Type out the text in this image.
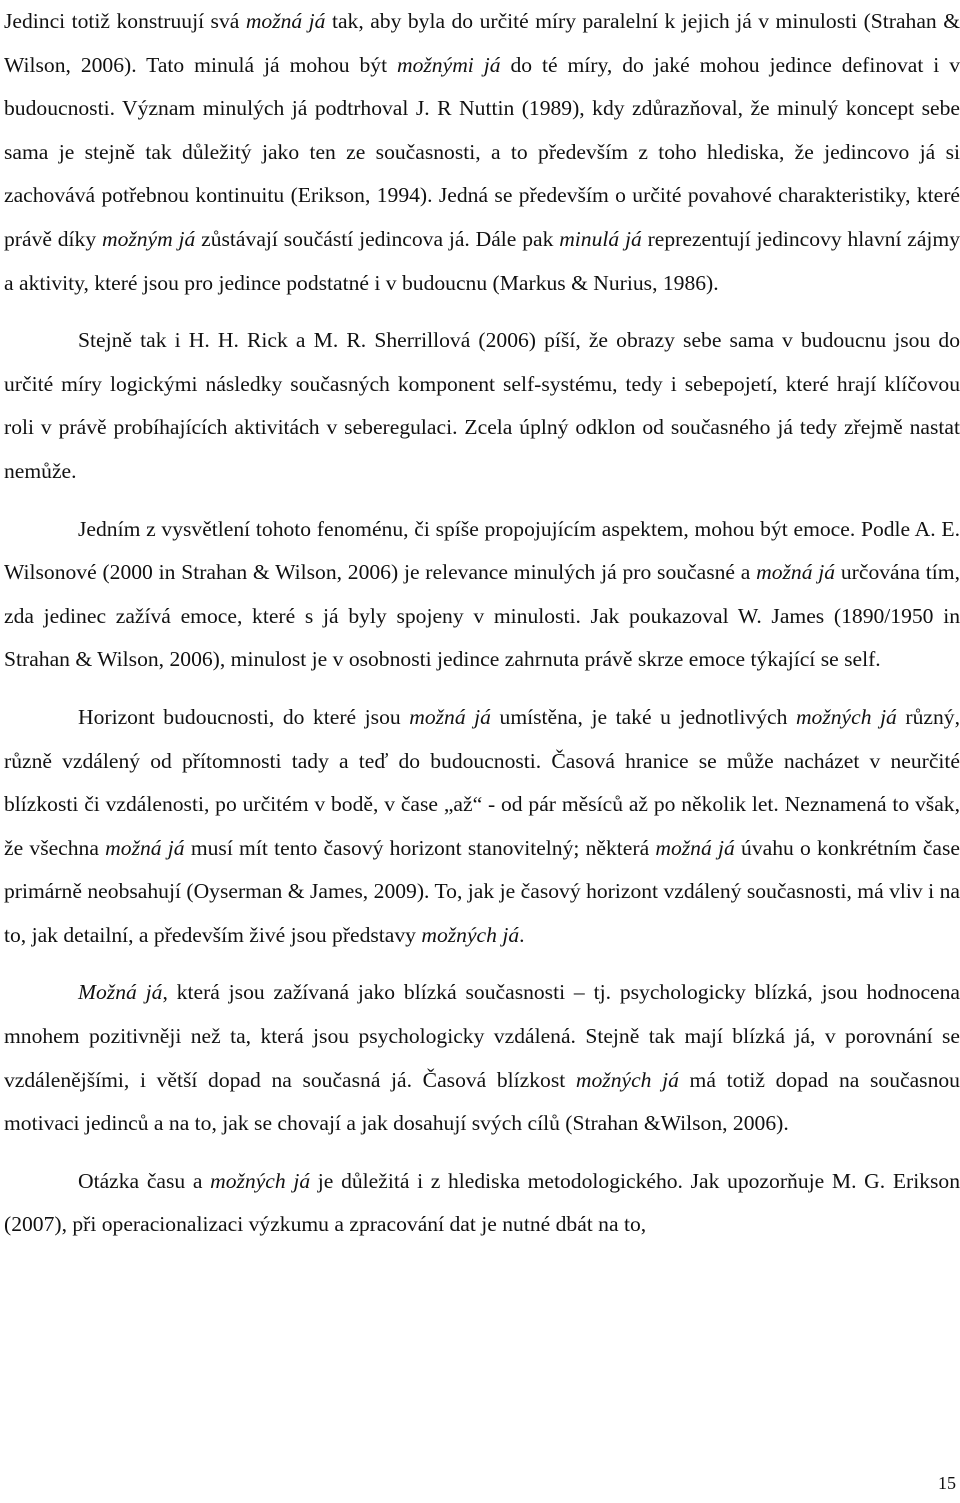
Jedinci totiž konstruují svá možná já tak, aby byla do určité míry paralelní k jejich já v minulosti (Strahan & Wilson, 2006). Tato minulá já mohou být možnými já do té míry, do jaké mohou jedince definovat i v budoucnosti. Význam minulých já podtrhoval J. R Nuttin (1989), kdy zdůrazňoval, že minulý koncept sebe sama je stejně tak důležitý jako ten ze současnosti, a to především z toho hlediska, že jedincovo já si zachovává potřebnou kontinuitu (Erikson, 1994). Jedná se především o určité povahové charakteristiky, které právě díky možným já zůstávají součástí jedincova já. Dále pak minulá já reprezentují jedincovy hlavní zájmy a aktivity, které jsou pro jedince podstatné i v budoucnu (Markus & Nurius, 1986).

Stejně tak i H. H. Rick a M. R. Sherrillová (2006) píší, že obrazy sebe sama v budoucnu jsou do určité míry logickými následky současných komponent self-systému, tedy i sebepojetí, které hrají klíčovou roli v právě probíhajících aktivitách v seberegulaci. Zcela úplný odklon od současného já tedy zřejmě nastat nemůže.

Jedním z vysvětlení tohoto fenoménu, či spíše propojujícím aspektem, mohou být emoce. Podle A. E. Wilsonové (2000 in Strahan & Wilson, 2006) je relevance minulých já pro současné a možná já určována tím, zda jedinec zažívá emoce, které s já byly spojeny v minulosti. Jak poukazoval W. James (1890/1950 in Strahan & Wilson, 2006), minulost je v osobnosti jedince zahrnuta právě skrze emoce týkající se self.

Horizont budoucnosti, do které jsou možná já umístěna, je také u jednotlivých možných já různý, různě vzdálený od přítomnosti tady a teď do budoucnosti. Časová hranice se může nacházet v neurčité blízkosti či vzdálenosti, po určitém v bodě, v čase „až“ - od pár měsíců až po několik let. Neznamená to však, že všechna možná já musí mít tento časový horizont stanovitelný; některá možná já úvahu o konkrétním čase primárně neobsahují (Oyserman & James, 2009). To, jak je časový horizont vzdálený současnosti, má vliv i na to, jak detailní, a především živé jsou představy možných já.

Možná já, která jsou zažívaná jako blízká současnosti – tj. psychologicky blízká, jsou hodnocena mnohem pozitivněji než ta, která jsou psychologicky vzdálená. Stejně tak mají blízká já, v porovnání se vzdálenějšími, i větší dopad na současná já. Časová blízkost možných já má totiž dopad na současnou motivaci jedinců a na to, jak se chovají a jak dosahují svých cílů (Strahan &Wilson, 2006).

Otázka času a možných já je důležitá i z hlediska metodologického. Jak upozorňuje M. G. Erikson (2007), při operacionalizaci výzkumu a zpracování dat je nutné dbát na to,

15
